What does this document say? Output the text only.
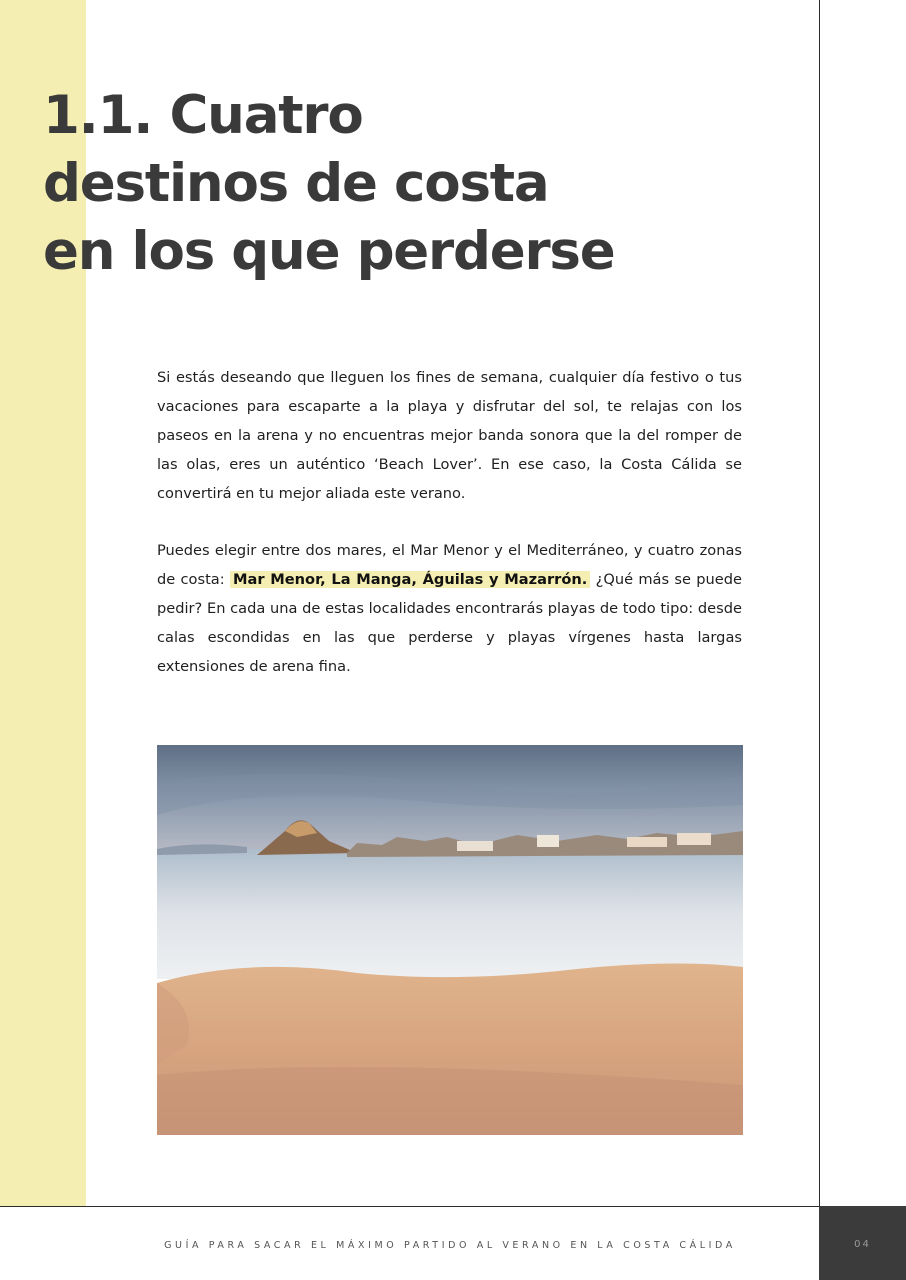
1.1. Cuatro
destinos de costa
en los que perderse

Si estás deseando que lleguen los fines de semana, cualquier día festivo o tus vacaciones para escaparte a la playa y disfrutar del sol, te relajas con los paseos en la arena y no encuentras mejor banda sonora que la del romper de las olas, eres un auténtico ‘Beach Lover’. En ese caso, la Costa Cálida se convertirá en tu mejor aliada este verano.

Puedes elegir entre dos mares, el Mar Menor y el Mediterráneo, y cuatro zonas de costa: Mar Menor, La Manga, Águilas y Mazarrón. ¿Qué más se puede pedir? En cada una de estas localidades encontrarás playas de todo tipo: desde calas escondidas en las que perderse y playas vírgenes hasta largas extensiones de arena fina.

GUÍA PARA SACAR EL MÁXIMO PARTIDO AL VERANO EN LA COSTA CÁLIDA	04
